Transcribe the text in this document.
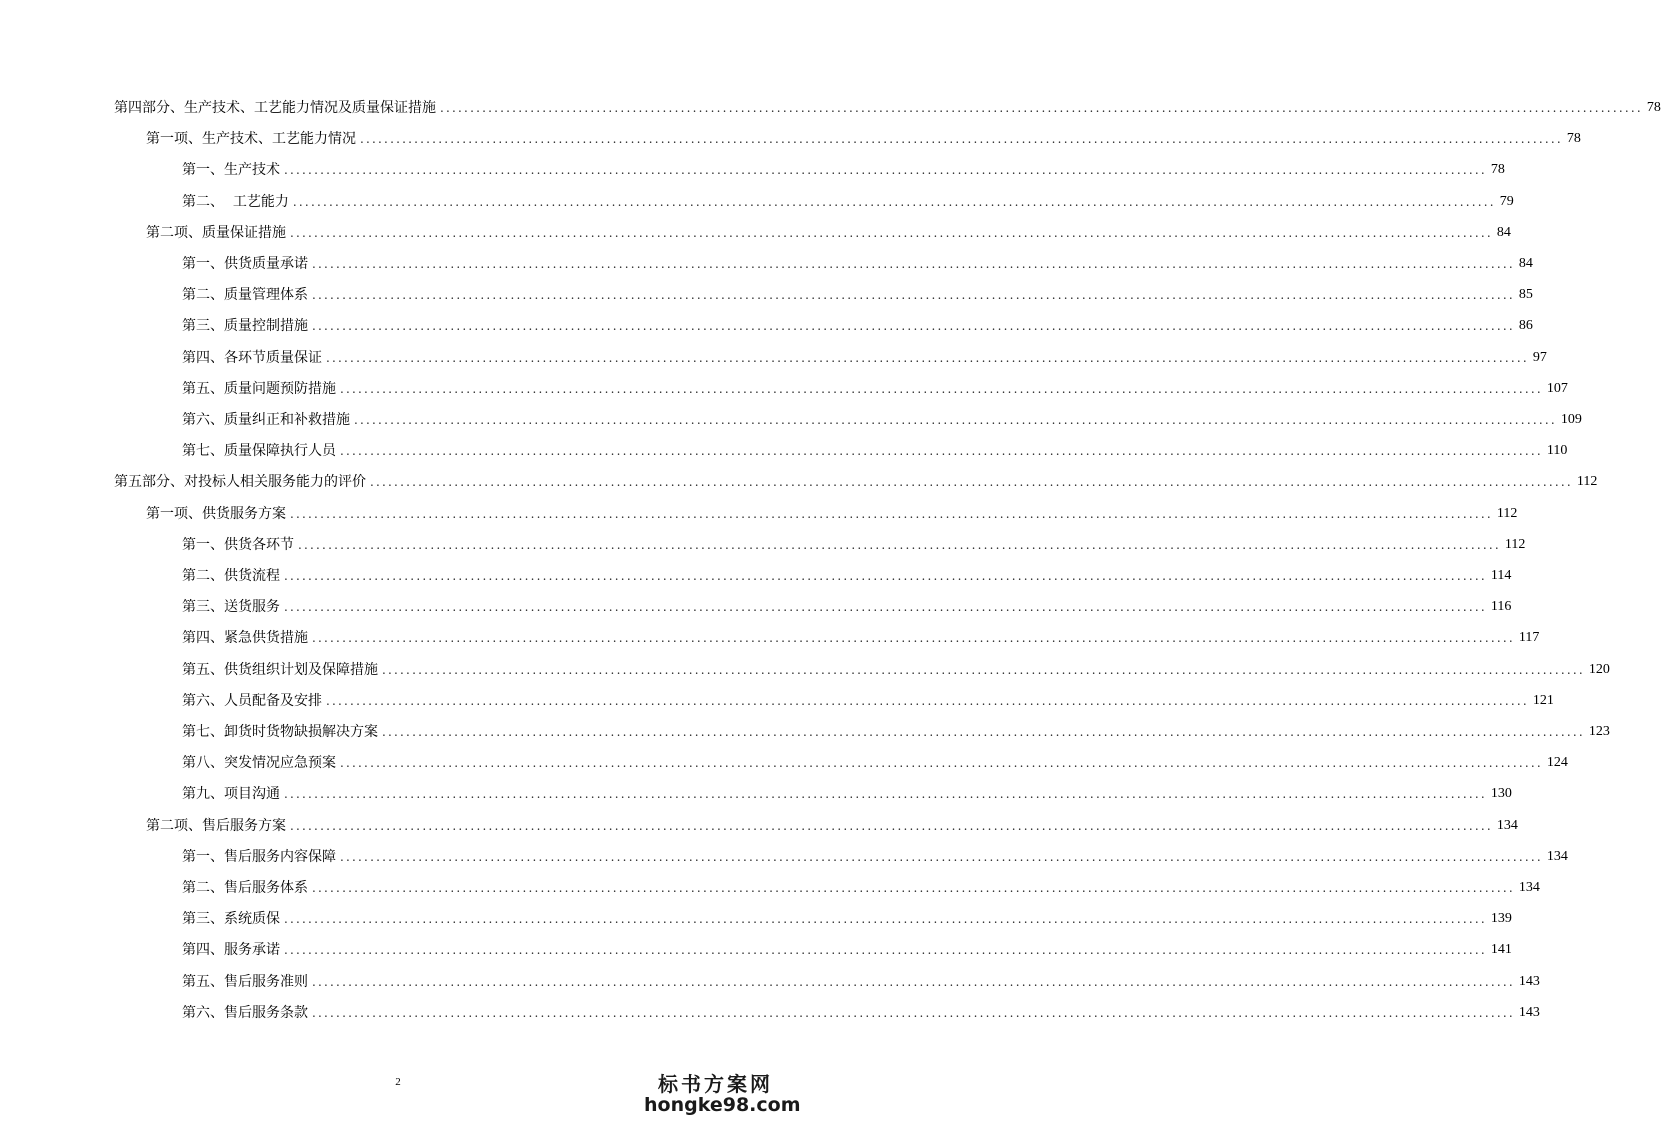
第四部分、生产技术、工艺能力情况及质量保证措施 ........................................................................................................................................................................................................ 78
第一项、生产技术、工艺能力情况 ........................................................................................................................................................................................................ 78
第一、生产技术 ........................................................................................................................................................................................................ 78
第二、  工艺能力 ........................................................................................................................................................................................................ 79
第二项、质量保证措施 ........................................................................................................................................................................................................ 84
第一、供货质量承诺 ........................................................................................................................................................................................................ 84
第二、质量管理体系 ........................................................................................................................................................................................................ 85
第三、质量控制措施 ........................................................................................................................................................................................................ 86
第四、各环节质量保证 ........................................................................................................................................................................................................ 97
第五、质量问题预防措施 ........................................................................................................................................................................................................ 107
第六、质量纠正和补救措施 ........................................................................................................................................................................................................ 109
第七、质量保障执行人员 ........................................................................................................................................................................................................ 110
第五部分、对投标人相关服务能力的评价 ........................................................................................................................................................................................................ 112
第一项、供货服务方案 ........................................................................................................................................................................................................ 112
第一、供货各环节 ........................................................................................................................................................................................................ 112
第二、供货流程 ........................................................................................................................................................................................................ 114
第三、送货服务 ........................................................................................................................................................................................................ 116
第四、紧急供货措施 ........................................................................................................................................................................................................ 117
第五、供货组织计划及保障措施 ........................................................................................................................................................................................................ 120
第六、人员配备及安排 ........................................................................................................................................................................................................ 121
第七、卸货时货物缺损解决方案 ........................................................................................................................................................................................................ 123
第八、突发情况应急预案 ........................................................................................................................................................................................................ 124
第九、项目沟通 ........................................................................................................................................................................................................ 130
第二项、售后服务方案 ........................................................................................................................................................................................................ 134
第一、售后服务内容保障 ........................................................................................................................................................................................................ 134
第二、售后服务体系 ........................................................................................................................................................................................................ 134
第三、系统质保 ........................................................................................................................................................................................................ 139
第四、服务承诺 ........................................................................................................................................................................................................ 141
第五、售后服务准则 ........................................................................................................................................................................................................ 143
第六、售后服务条款 ........................................................................................................................................................................................................ 143
2	标书方案网
hongke98.com
